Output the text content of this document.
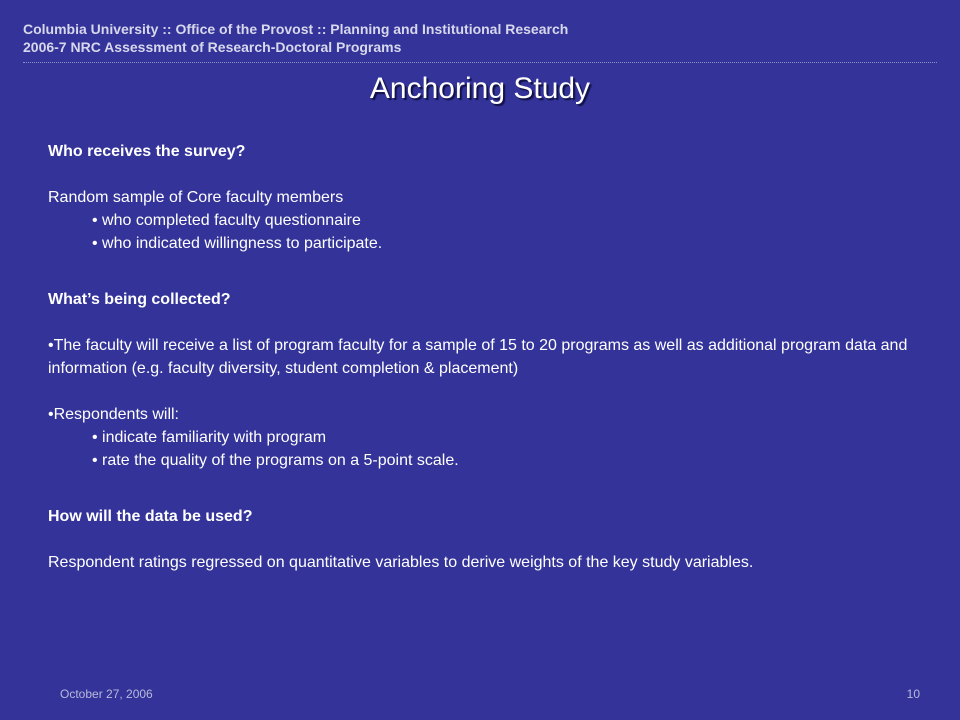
Columbia University :: Office of the Provost :: Planning and Institutional Research
2006-7 NRC Assessment of Research-Doctoral Programs
Anchoring Study

Who receives the survey?

Random sample of Core faculty members

• who completed faculty questionnaire

• who indicated willingness to participate.

What’s being collected?

•The faculty will receive a list of program faculty for a sample of 15 to 20 programs as well as additional program data and information (e.g. faculty diversity, student completion & placement)

•Respondents will:

• indicate familiarity with program

• rate the quality of the programs on a 5-point scale.

How will the data be used?

Respondent ratings regressed on quantitative variables to derive weights of the key study variables.

October 27, 2006	10
